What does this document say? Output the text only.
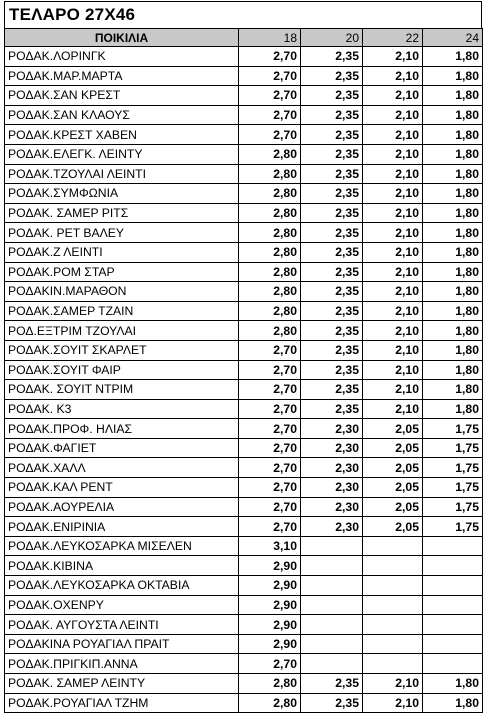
ΤΕΛΑΡΟ 27Χ46
ΠΟΙΚΙΛΙΑ	18	20	22	24
ΡΟΔΑΚ.ΛΟΡΙΝΓΚ	2,70	2,35	2,10	1,80
ΡΟΔΑΚ.ΜΑΡ.ΜΑΡΤΑ	2,70	2,35	2,10	1,80
ΡΟΔΑΚ.ΣΑΝ ΚΡΕΣΤ	2,70	2,35	2,10	1,80
ΡΟΔΑΚ.ΣΑΝ ΚΛΑΟΥΣ	2,70	2,35	2,10	1,80
ΡΟΔΑΚ.ΚΡΕΣΤ ΧΑΒΕΝ	2,70	2,35	2,10	1,80
ΡΟΔΑΚ.ΕΛΕΓΚ. ΛΕΙΝΤΥ	2,80	2,35	2,10	1,80
ΡΟΔΑΚ.ΤΖΟΥΛΑΙ ΛΕΙΝΤΙ	2,80	2,35	2,10	1,80
ΡΟΔΑΚ.ΣΥΜΦΩΝΙΑ	2,80	2,35	2,10	1,80
ΡΟΔΑΚ. ΣΑΜΕΡ ΡΙΤΣ	2,80	2,35	2,10	1,80
ΡΟΔΑΚ. ΡΕΤ ΒΑΛΕΥ	2,80	2,35	2,10	1,80
ΡΟΔΑΚ.Ζ ΛΕΙΝΤΙ	2,80	2,35	2,10	1,80
ΡΟΔΑΚ.ΡΟΜ ΣΤΑΡ	2,80	2,35	2,10	1,80
ΡΟΔΑΚΙΝ.ΜΑΡΑΘΟΝ	2,80	2,35	2,10	1,80
ΡΟΔΑΚ.ΣΑΜΕΡ ΤΖΑΙΝ	2,80	2,35	2,10	1,80
ΡΟΔ.ΕΞΤΡΙΜ ΤΖΟΥΛΑΙ	2,80	2,35	2,10	1,80
ΡΟΔΑΚ.ΣΟΥΙΤ ΣΚΑΡΛΕΤ	2,70	2,35	2,10	1,80
ΡΟΔΑΚ.ΣΟΥΙΤ ΦΑΙΡ	2,70	2,35	2,10	1,80
ΡΟΔΑΚ. ΣΟΥΙΤ ΝΤΡΙΜ	2,70	2,35	2,10	1,80
ΡΟΔΑΚ. Κ3	2,70	2,35	2,10	1,80
ΡΟΔΑΚ.ΠΡΟΦ. ΗΛΙΑΣ	2,70	2,30	2,05	1,75
ΡΟΔΑΚ.ΦΑΓΙΕΤ	2,70	2,30	2,05	1,75
ΡΟΔΑΚ.ΧΑΛΛ	2,70	2,30	2,05	1,75
ΡΟΔΑΚ.ΚΑΛ ΡΕΝΤ	2,70	2,30	2,05	1,75
ΡΟΔΑΚ.ΑΟΥΡΕΛΙΑ	2,70	2,30	2,05	1,75
ΡΟΔΑΚ.ΕΝΙΡΙΝΙΑ	2,70	2,30	2,05	1,75
ΡΟΔΑΚ.ΛΕΥΚΟΣΑΡΚΑ ΜΙΣΕΛΕΝ	3,10			
ΡΟΔΑΚ.ΚΙΒΙΝΑ	2,90			
ΡΟΔΑΚ.ΛΕΥΚΟΣΑΡΚΑ ΟΚΤΑΒΙΑ	2,90			
ΡΟΔΑΚ.ΟΧΕΝΡΥ	2,90			
ΡΟΔΑΚ. ΑΥΓΟΥΣΤΑ ΛΕΙΝΤΙ	2,90			
ΡΟΔΑΚΙΝΑ ΡΟΥΑΓΙΑΛ ΠΡΑΙΤ	2,90			
ΡΟΔΑΚ.ΠΡΙΓΚΙΠ.ΑΝΝΑ	2,70			
ΡΟΔΑΚ. ΣΑΜΕΡ ΛΕΙΝΤΥ	2,80	2,35	2,10	1,80
ΡΟΔΑΚ.ΡΟΥΑΓΙΑΛ ΤΖΗΜ	2,80	2,35	2,10	1,80
